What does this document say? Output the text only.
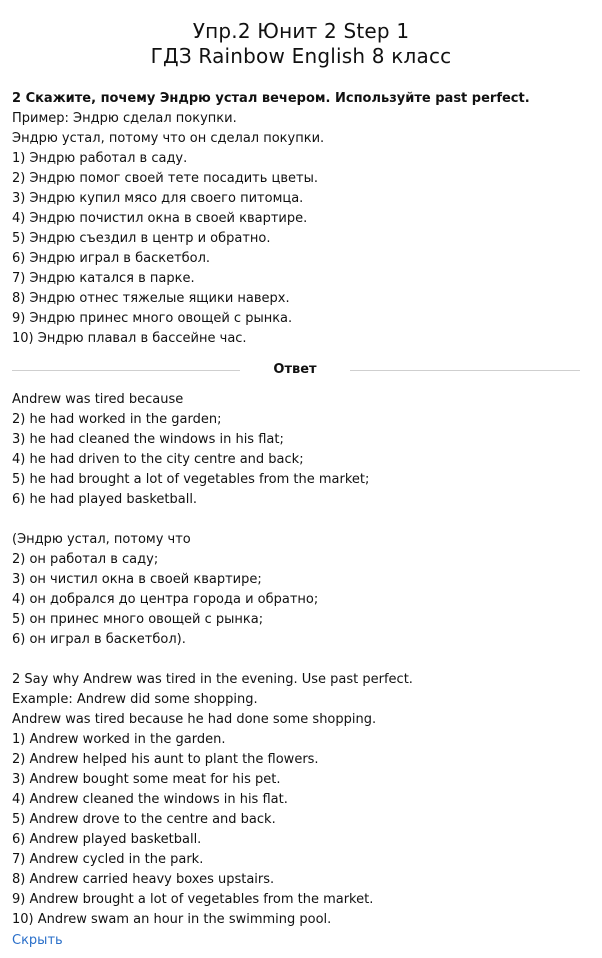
Упр.2 Юнит 2 Step 1
ГДЗ Rainbow English 8 класс
2 Скажите, почему Эндрю устал вечером. Используйте past perfect.
Пример: Эндрю сделал покупки.
Эндрю устал, потому что он сделал покупки.
1) Эндрю работал в саду.
2) Эндрю помог своей тете посадить цветы.
3) Эндрю купил мясо для своего питомца.
4) Эндрю почистил окна в своей квартире.
5) Эндрю съездил в центр и обратно.
6) Эндрю играл в баскетбол.
7) Эндрю катался в парке.
8) Эндрю отнес тяжелые ящики наверх.
9) Эндрю принес много овощей с рынка.
10) Эндрю плавал в бассейне час.
Ответ
Andrew was tired because
2) he had worked in the garden;
3) he had cleaned the windows in his flat;
4) he had driven to the city centre and back;
5) he had brought a lot of vegetables from the market;
6) he had played basketball.
(Эндрю устал, потому что
2) он работал в саду;
3) он чистил окна в своей квартире;
4) он добрался до центра города и обратно;
5) он принес много овощей с рынка;
6) он играл в баскетбол).
2 Say why Andrew was tired in the evening. Use past perfect.
Example: Andrew did some shopping.
Andrew was tired because he had done some shopping.
1) Andrew worked in the garden.
2) Andrew helped his aunt to plant the flowers.
3) Andrew bought some meat for his pet.
4) Andrew cleaned the windows in his flat.
5) Andrew drove to the centre and back.
6) Andrew played basketball.
7) Andrew cycled in the park.
8) Andrew carried heavy boxes upstairs.
9) Andrew brought a lot of vegetables from the market.
10) Andrew swam an hour in the swimming pool.
Скрыть
